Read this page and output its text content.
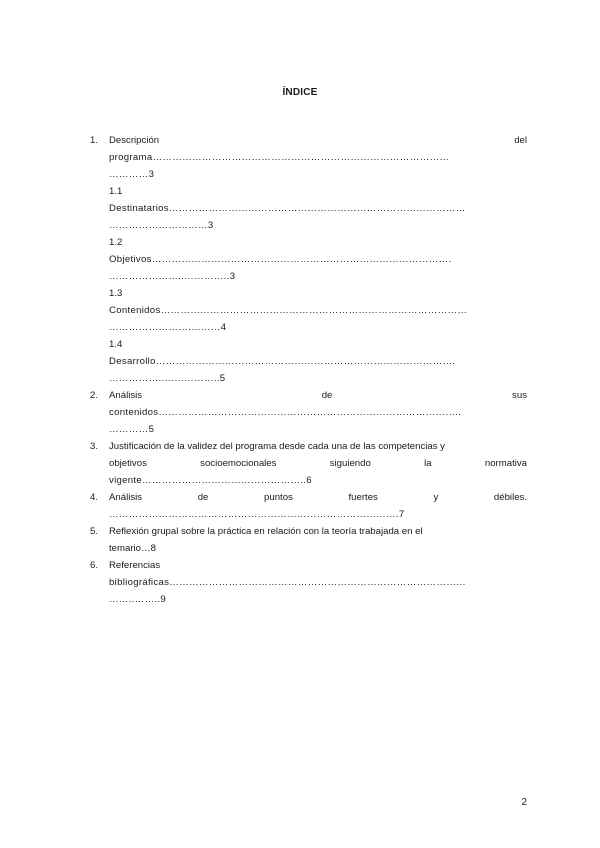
ÍNDICE
1. Descripción del
programa………………………………………………………………………………
…………3
1.1
Destinatarios………………………………………………………………………………
…………………………3
1.2
Objetivos……………………………………………………………………………….
…………………..…………..3
1.3
Contenidos…………………………………………………………………………………
…………………….………4
1.4
Desarrollo……………………………………………………………………………….
……………..……………..5
2. Análisis de sus
contenidos………………………………………………………………………………..
…………5
3. Justificación de la validez del programa desde cada una de las competencias y
objetivos socioemocionales siguiendo la normativa
vigente…………………………………………..6
4. Análisis de puntos fuertes y débiles.
…………………………………………………………………………….7
5. Reflexión grupal sobre la práctica en relación con la teoría trabajada en el
temario…8
6. Referencias
bibliográficas………………………………………………………………………………
……..……..9
2
